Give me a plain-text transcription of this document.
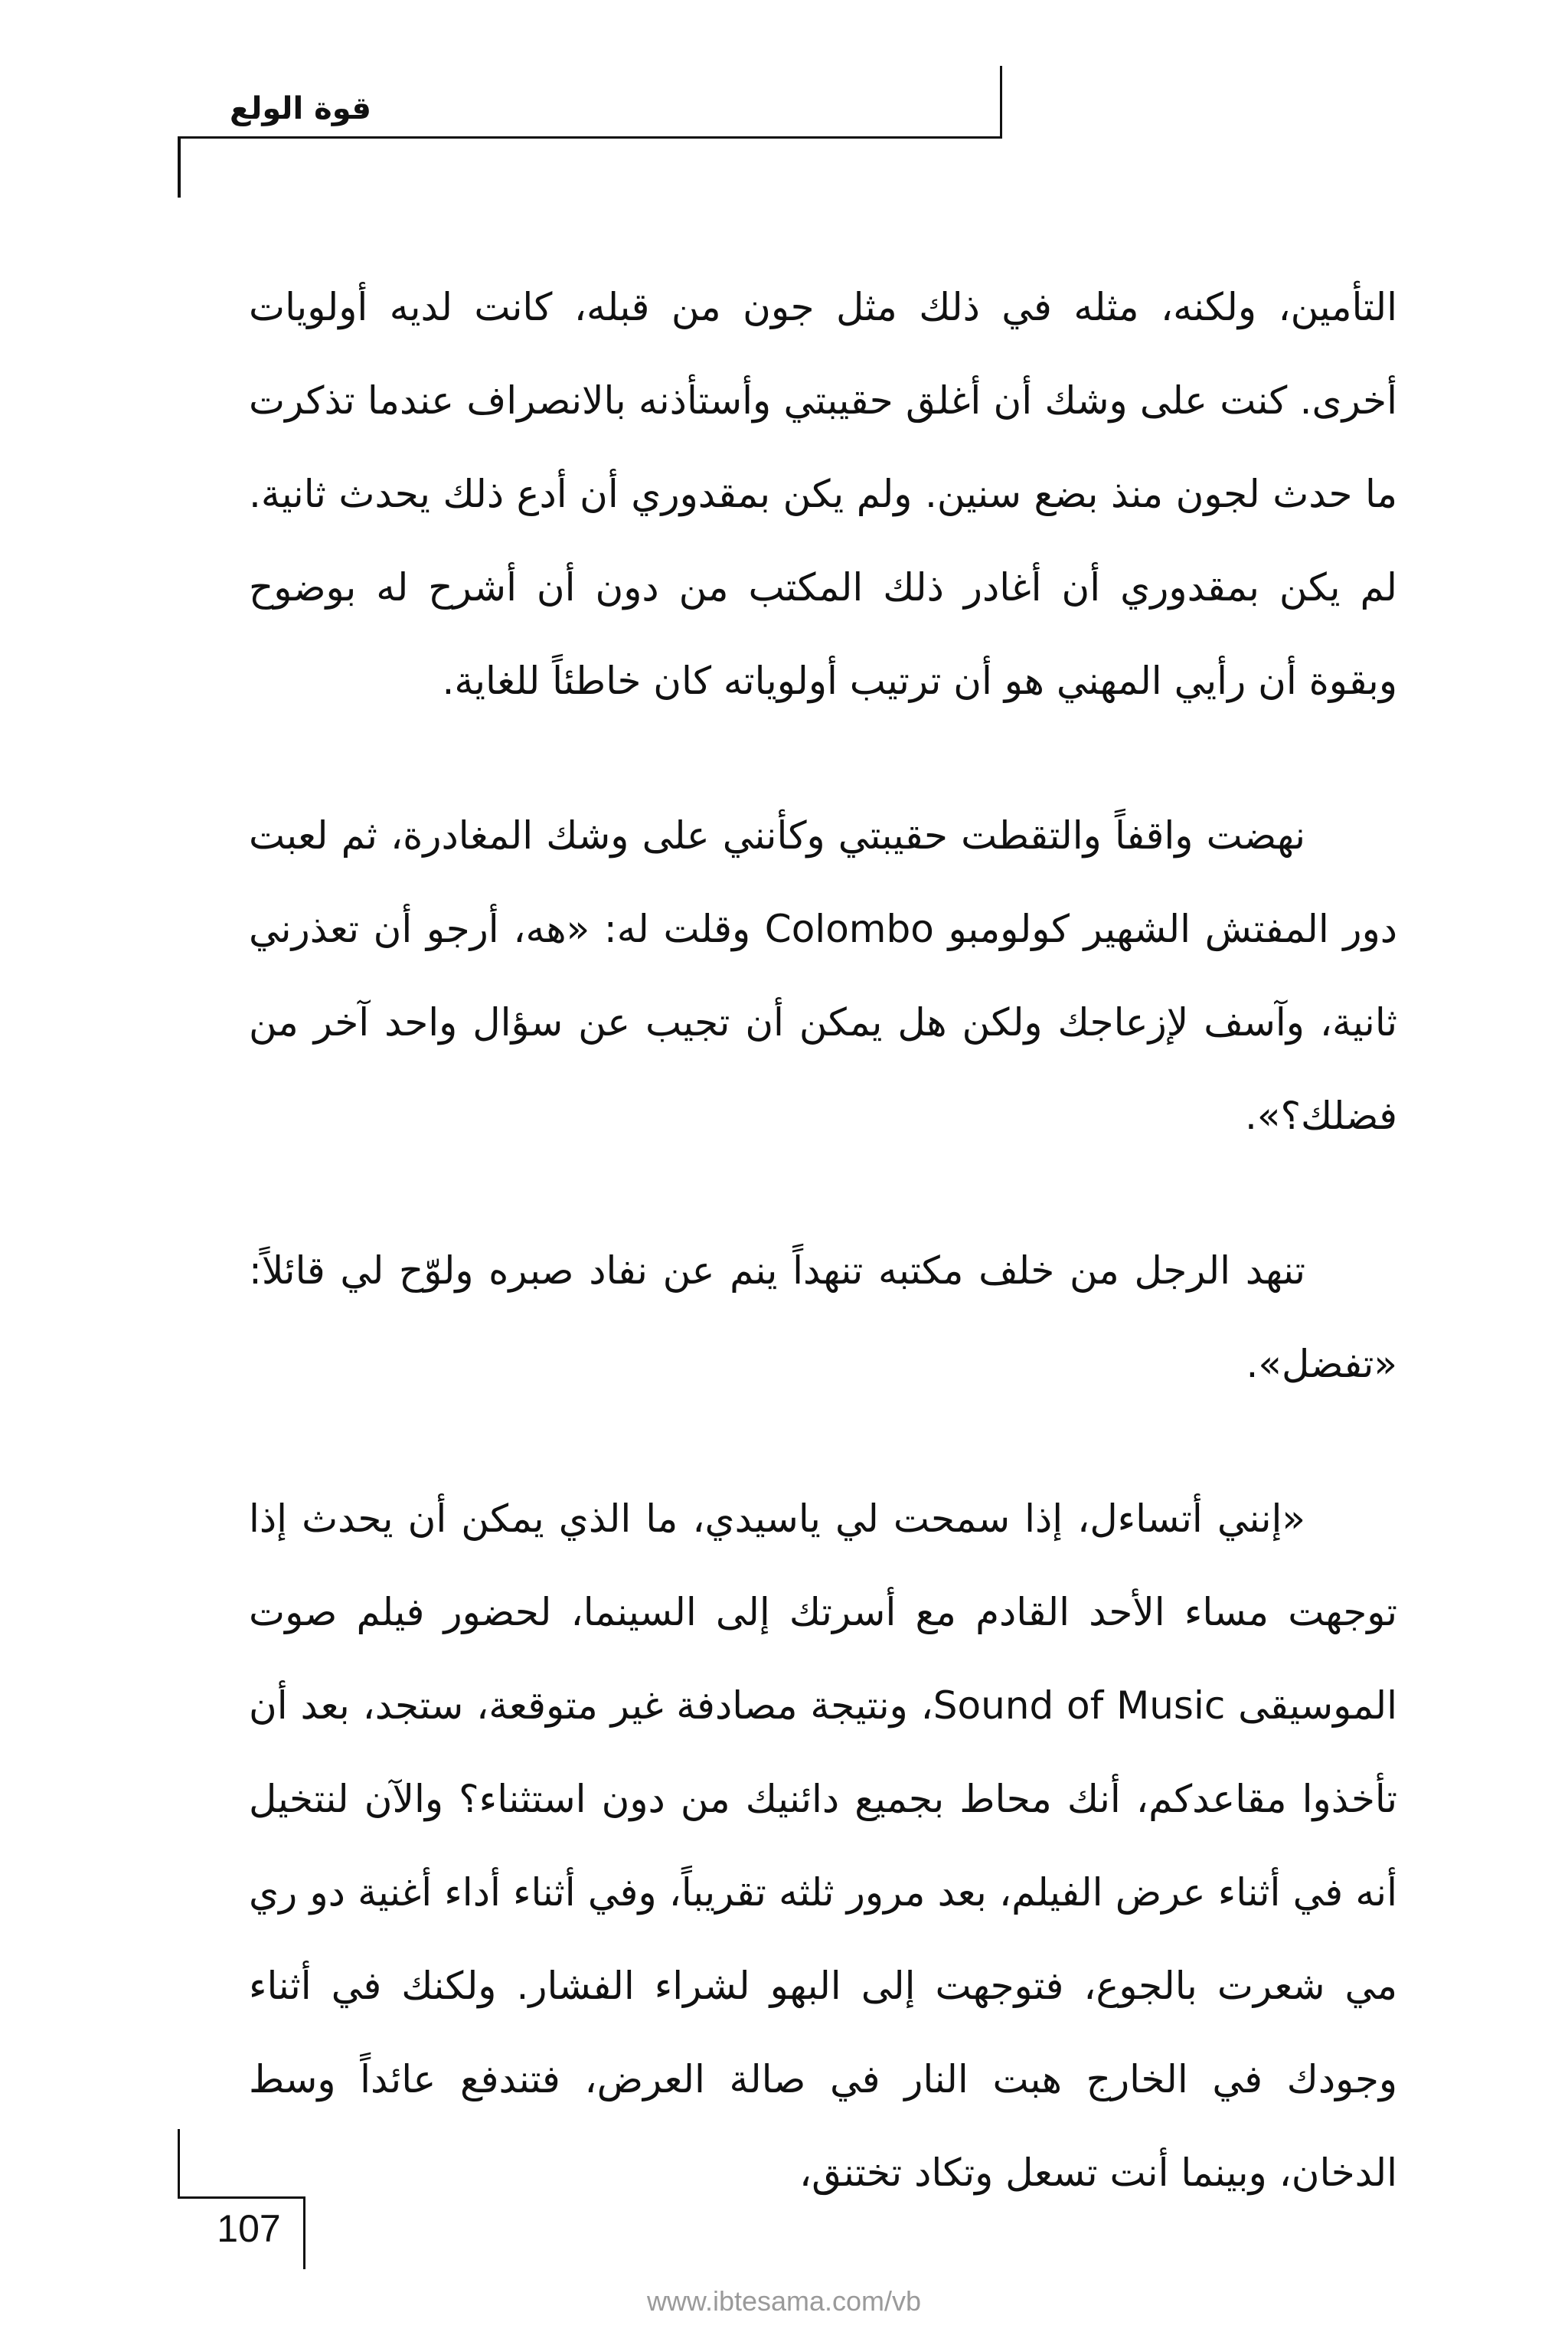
قوة الولع

التأمين، ولكنه، مثله في ذلك مثل جون من قبله، كانت لديه أولويات أخرى. كنت على وشك أن أغلق حقيبتي وأستأذنه بالانصراف عندما تذكرت ما حدث لجون منذ بضع سنين. ولم يكن بمقدوري أن أدع ذلك يحدث ثانية. لم يكن بمقدوري أن أغادر ذلك المكتب من دون أن أشرح له بوضوح وبقوة أن رأيي المهني هو أن ترتيب أولوياته كان خاطئاً للغاية.

نهضت واقفاً والتقطت حقيبتي وكأنني على وشك المغادرة، ثم لعبت دور المفتش الشهير كولومبو Colombo وقلت له: «هه، أرجو أن تعذرني ثانية، وآسف لإزعاجك ولكن هل يمكن أن تجيب عن سؤال واحد آخر من فضلك؟».

تنهد الرجل من خلف مكتبه تنهداً ينم عن نفاد صبره ولوّح لي قائلاً: «تفضل».

«إنني أتساءل، إذا سمحت لي ياسيدي، ما الذي يمكن أن يحدث إذا توجهت مساء الأحد القادم مع أسرتك إلى السينما، لحضور فيلم صوت الموسيقى Sound of Music، ونتيجة مصادفة غير متوقعة، ستجد، بعد أن تأخذوا مقاعدكم، أنك محاط بجميع دائنيك من دون استثناء؟ والآن لنتخيل أنه في أثناء عرض الفيلم، بعد مرور ثلثه تقريباً، وفي أثناء أداء أغنية دو ري مي شعرت بالجوع، فتوجهت إلى البهو لشراء الفشار. ولكنك في أثناء وجودك في الخارج هبت النار في صالة العرض، فتندفع عائداً وسط الدخان، وبينما أنت تسعل وتكاد تختنق،

107
www.ibtesama.com/vb
